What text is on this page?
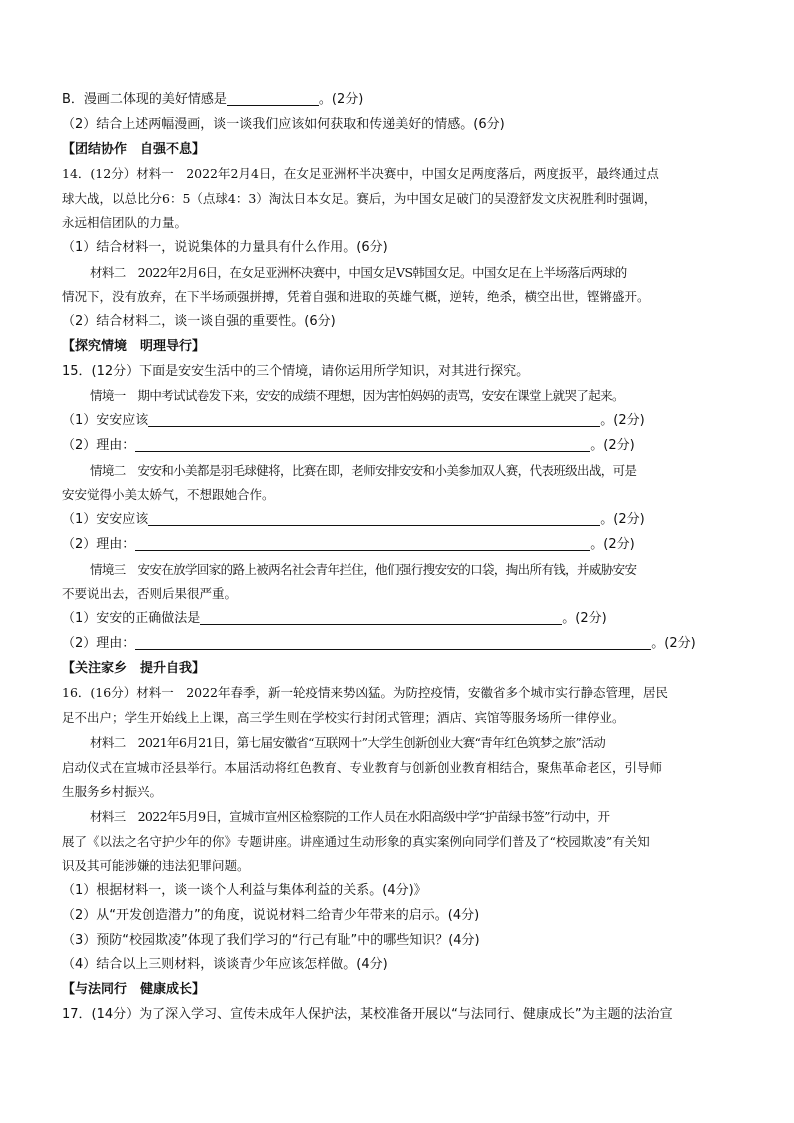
B．漫画二体现的美好情感是	。(2分)
（2）结合上述两幅漫画，谈一谈我们应该如何获取和传递美好的情感。(6分)
【团结协作　自强不息】
14．(12分）材料一　2022年2月4日，在女足亚洲杯半决赛中，中国女足两度落后，两度扳平，最终通过点
球大战，以总比分6：5（点球4：3）淘汰日本女足。赛后，为中国女足破门的吴澄舒发文庆祝胜利时强调，
永远相信团队的力量。
（1）结合材料一，说说集体的力量具有什么作用。(6分)
材料二　2022年2月6日，在女足亚洲杯决赛中，中国女足VS韩国女足。中国女足在上半场落后两球的
情况下，没有放弃，在下半场顽强拼搏，凭着自强和进取的英雄气概，逆转，绝杀，横空出世，铿锵盛开。
（2）结合材料二，谈一谈自强的重要性。(6分)
【探究情境　明理导行】
15．(12分）下面是安安生活中的三个情境，请你运用所学知识，对其进行探究。
情境一　期中考试试卷发下来，安安的成绩不理想，因为害怕妈妈的责骂，安安在课堂上就哭了起来。
（1）安安应该	。(2分)
（2）理由：	。(2分)
情境二　安安和小美都是羽毛球健将，比赛在即，老师安排安安和小美参加双人赛，代表班级出战，可是
安安觉得小美太娇气，不想跟她合作。
（1）安安应该	。(2分)
（2）理由：	。(2分)
情境三　安安在放学回家的路上被两名社会青年拦住，他们强行搜安安的口袋，掏出所有钱，并威胁安安
不要说出去，否则后果很严重。
（1）安安的正确做法是	。(2分)
（2）理由：	。(2分)
【关注家乡　提升自我】
16．(16分）材料一　2022年春季，新一轮疫情来势凶猛。为防控疫情，安徽省多个城市实行静态管理，居民
足不出户；学生开始线上上课，高三学生则在学校实行封闭式管理；酒店、宾馆等服务场所一律停业。
材料二　2021年6月21日，第七届安徽省“互联网十”大学生创新创业大赛“青年红色筑梦之旅”活动
启动仪式在宣城市泾县举行。本届活动将红色教育、专业教育与创新创业教育相结合，聚焦革命老区，引导师
生服务乡村振兴。
材料三　2022年5月9日，宣城市宣州区检察院的工作人员在水阳高级中学“护苗绿书签”行动中，开
展了《以法之名守护少年的你》专题讲座。讲座通过生动形象的真实案例向同学们普及了“校园欺凌”有关知
识及其可能涉嫌的违法犯罪问题。
（1）根据材料一，谈一谈个人利益与集体利益的关系。(4分)》
（2）从“开发创造潜力”的角度，说说材料二给青少年带来的启示。(4分)
（3）预防“校园欺凌”体现了我们学习的“行己有耻”中的哪些知识？(4分)
（4）结合以上三则材料，谈谈青少年应该怎样做。(4分)
【与法同行　健康成长】
17．(14分）为了深入学习、宣传未成年人保护法，某校准备开展以“与法同行、健康成长”为主题的法治宣
